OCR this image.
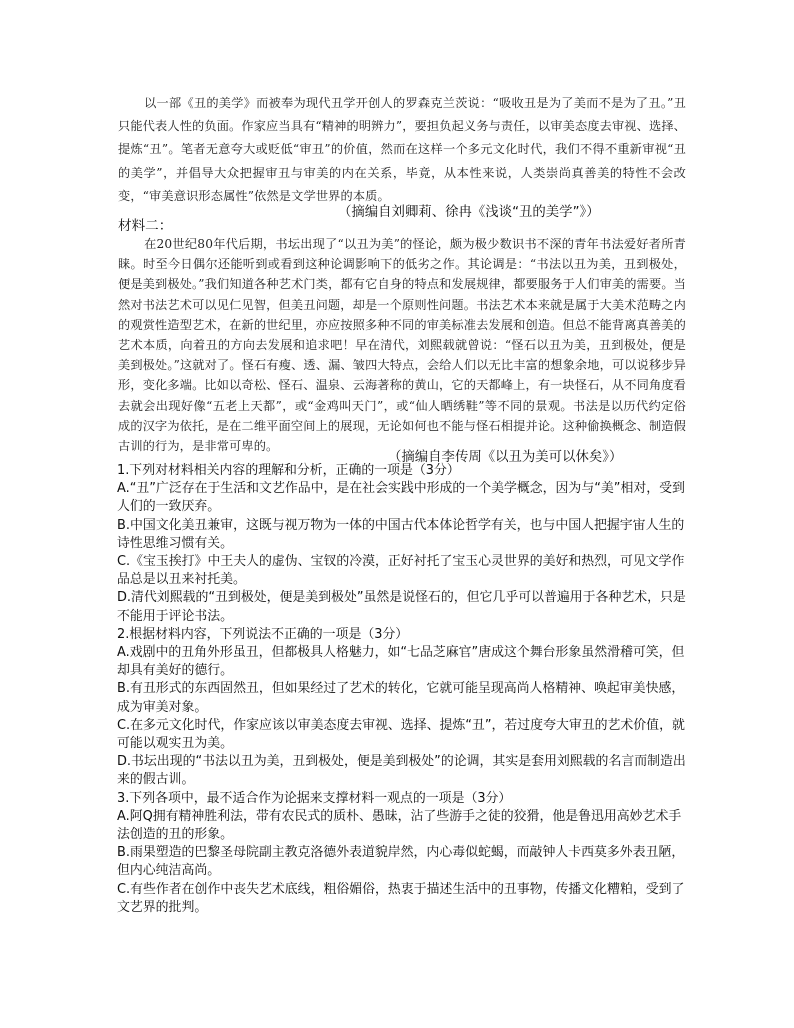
以一部《丑的美学》而被奉为现代丑学开创人的罗森克兰茨说：“吸收丑是为了美而不是为了丑。”丑只能代表人性的负面。作家应当具有“精神的明辨力”，要担负起义务与责任，以审美态度去审视、选择、提炼“丑”。笔者无意夸大或贬低“审丑”的价值，然而在这样一个多元文化时代，我们不得不重新审视“丑的美学”，并倡导大众把握审丑与审美的内在关系，毕竟，从本性来说，人类崇尚真善美的特性不会改变，“审美意识形态属性”依然是文学世界的本质。
（摘编自刘卿莉、徐冉《浅谈“丑的美学”》）
材料二：
在20世纪80年代后期，书坛出现了“以丑为美”的怪论，颇为极少数识书不深的青年书法爱好者所青睐。时至今日偶尔还能听到或看到这种论调影响下的低劣之作。其论调是：“书法以丑为美，丑到极处，便是美到极处。”我们知道各种艺术门类，都有它自身的特点和发展规律，都要服务于人们审美的需要。当然对书法艺术可以见仁见智，但美丑问题，却是一个原则性问题。书法艺术本来就是属于大美术范畴之内的观赏性造型艺术，在新的世纪里，亦应按照多种不同的审美标准去发展和创造。但总不能背离真善美的艺术本质，向着丑的方向去发展和追求吧！早在清代，刘熙载就曾说：“怪石以丑为美，丑到极处，便是美到极处。”这就对了。怪石有瘦、透、漏、皱四大特点，会给人们以无比丰富的想象余地，可以说移步异形，变化多端。比如以奇松、怪石、温泉、云海著称的黄山，它的天都峰上，有一块怪石，从不同角度看去就会出现好像“五老上天都”，或“金鸡叫天门”，或“仙人晒绣鞋”等不同的景观。书法是以历代约定俗成的汉字为依托，是在二维平面空间上的展现，无论如何也不能与怪石相提并论。这种偷换概念、制造假古训的行为，是非常可卑的。
（摘编自李传周《以丑为美可以休矣》）

1.下列对材料相关内容的理解和分析，正确的一项是（3分）

A.“丑”广泛存在于生活和文艺作品中，是在社会实践中形成的一个美学概念，因为与“美”相对，受到人们的一致厌弃。

B.中国文化美丑兼审，这既与视万物为一体的中国古代本体论哲学有关，也与中国人把握宇宙人生的诗性思维习惯有关。

C.《宝玉挨打》中王夫人的虚伪、宝钗的冷漠，正好衬托了宝玉心灵世界的美好和热烈，可见文学作品总是以丑来衬托美。

D.清代刘熙载的“丑到极处，便是美到极处”虽然是说怪石的，但它几乎可以普遍用于各种艺术，只是不能用于评论书法。

2.根据材料内容，下列说法不正确的一项是（3分）

A.戏剧中的丑角外形虽丑，但都极具人格魅力，如“七品芝麻官”唐成这个舞台形象虽然滑稽可笑，但却具有美好的德行。

B.有丑形式的东西固然丑，但如果经过了艺术的转化，它就可能呈现高尚人格精神、唤起审美快感，成为审美对象。

C.在多元文化时代，作家应该以审美态度去审视、选择、提炼“丑”，若过度夸大审丑的艺术价值，就可能以观实丑为美。

D.书坛出现的“书法以丑为美，丑到极处，便是美到极处”的论调，其实是套用刘熙载的名言而制造出来的假古训。

3.下列各项中，最不适合作为论据来支撑材料一观点的一项是（3分）

A.阿Q拥有精神胜利法，带有农民式的质朴、愚昧，沾了些游手之徒的狡猾，他是鲁迅用高妙艺术手法创造的丑的形象。

B.雨果塑造的巴黎圣母院副主教克洛德外表道貌岸然，内心毒似蛇蝎，而敲钟人卡西莫多外表丑陋，但内心纯洁高尚。

C.有些作者在创作中丧失艺术底线，粗俗媚俗，热衷于描述生活中的丑事物，传播文化糟粕，受到了文艺界的批判。
